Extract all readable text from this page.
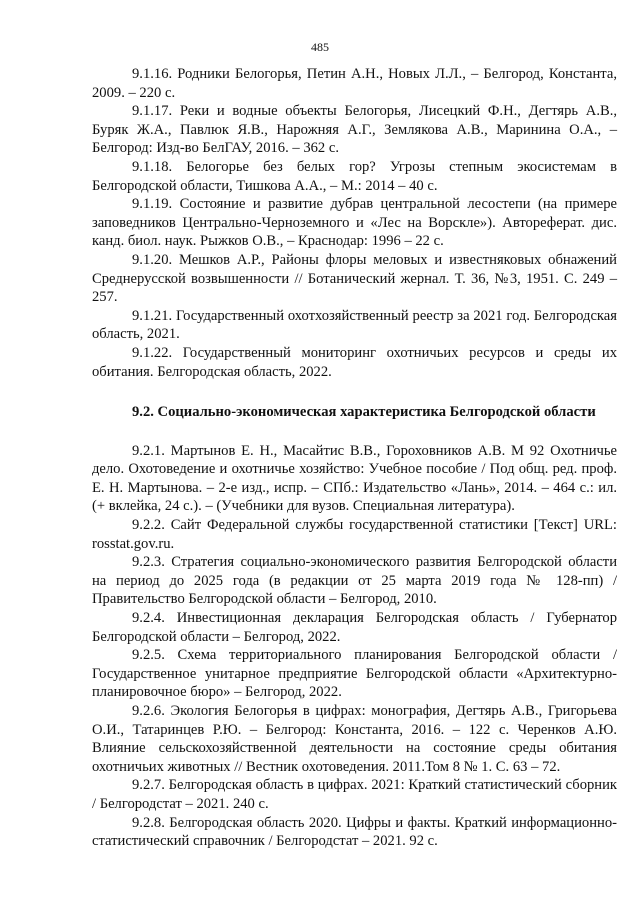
485

9.1.16. Родники Белогорья, Петин А.Н., Новых Л.Л., – Белгород, Константа, 2009. – 220 с.

9.1.17. Реки и водные объекты Белогорья, Лисецкий Ф.Н., Дегтярь А.В., Буряк Ж.А., Павлюк Я.В., Нарожняя А.Г., Землякова А.В., Маринина О.А., – Белгород: Изд-во БелГАУ, 2016. – 362 с.

9.1.18. Белогорье без белых гор? Угрозы степным экосистемам в Белгородской области, Тишкова А.А., – М.: 2014 – 40 с.

9.1.19. Состояние и развитие дубрав центральной лесостепи (на примере заповедников Центрально-Черноземного и «Лес на Ворскле»). Автореферат. дис. канд. биол. наук. Рыжков О.В., – Краснодар: 1996 – 22 с.

9.1.20. Мешков А.Р., Районы флоры меловых и известняковых обнажений Среднерусской возвышенности // Ботанический жернал. Т. 36, №3, 1951. С. 249 – 257.

9.1.21. Государственный охотхозяйственный реестр за 2021 год. Белгородская область, 2021.

9.1.22. Государственный мониторинг охотничьих ресурсов и среды их обитания. Белгородская область, 2022.

9.2. Социально-экономическая характеристика Белгородской области

9.2.1. Мартынов Е. Н., Масайтис В.В., Гороховников А.В. М 92 Охотничье дело. Охотоведение и охотничье хозяйство: Учебное пособие / Под общ. ред. проф. Е. Н. Мартынова. – 2-е изд., испр. – СПб.: Издательство «Лань», 2014. – 464 с.: ил. (+ вклейка, 24 с.). – (Учебники для вузов. Специальная литература).

9.2.2. Сайт Федеральной службы государственной статистики [Текст] URL: rosstat.gov.ru.

9.2.3. Стратегия социально-экономического развития Белгородской области на период до 2025 года (в редакции от 25 марта 2019 года № 128-пп) / Правительство Белгородской области – Белгород, 2010.

9.2.4. Инвестиционная декларация Белгородская область / Губернатор Белгородской области – Белгород, 2022.

9.2.5. Схема территориального планирования Белгородской области / Государственное унитарное предприятие Белгородской области «Архитектурно-планировочное бюро» – Белгород, 2022.

9.2.6. Экология Белогорья в цифрах: монография, Дегтярь А.В., Григорьева О.И., Татаринцев Р.Ю. – Белгород: Константа, 2016. – 122 с. Черенков А.Ю. Влияние сельскохозяйственной деятельности на состояние среды обитания охотничьих животных // Вестник охотоведения. 2011.Том 8 № 1. С. 63 – 72.

9.2.7. Белгородская область в цифрах. 2021: Краткий статистический сборник / Белгородстат – 2021. 240 с.

9.2.8. Белгородская область 2020. Цифры и факты. Краткий информационно-статистический справочник / Белгородстат – 2021. 92 с.
